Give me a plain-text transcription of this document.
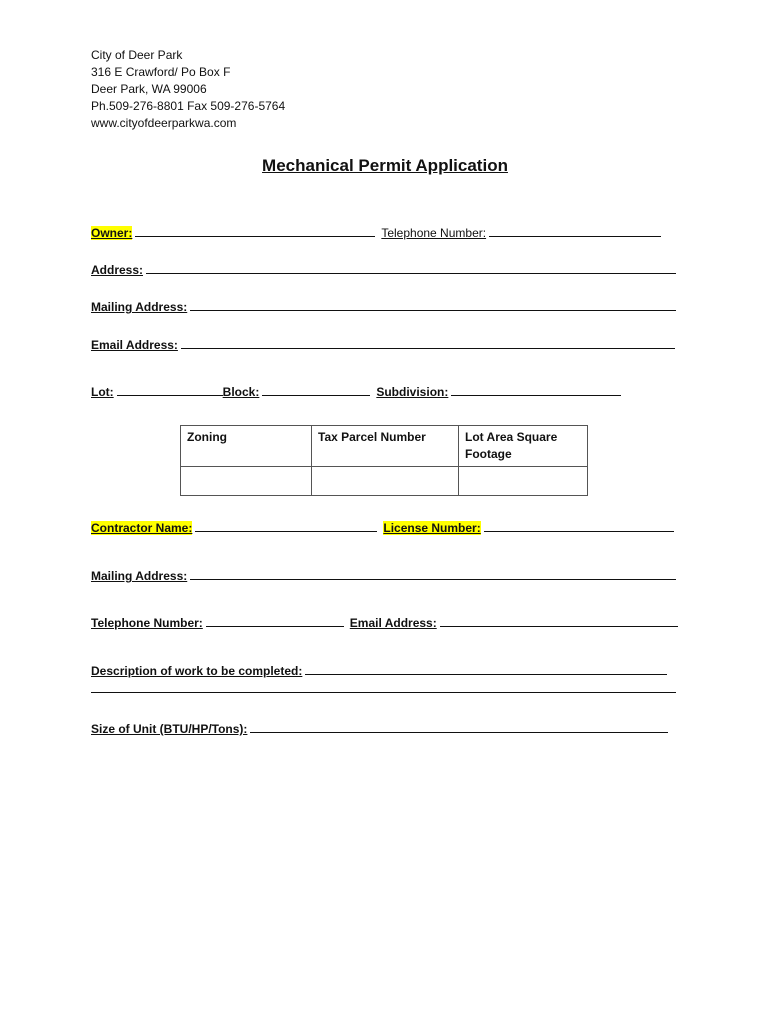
City of Deer Park
316 E Crawford/ Po Box F
Deer Park, WA 99006
Ph.509-276-8801 Fax 509-276-5764
www.cityofdeerparkwa.com
Mechanical Permit Application
Owner:	Telephone Number:
Address:
Mailing Address:
Email Address:
Lot:	Block:	Subdivision:
Zoning	Tax Parcel Number	Lot Area Square Footage

Contractor Name:	License Number:
Mailing Address:
Telephone Number:	Email Address:
Description of work to be completed:
Size of Unit (BTU/HP/Tons):
